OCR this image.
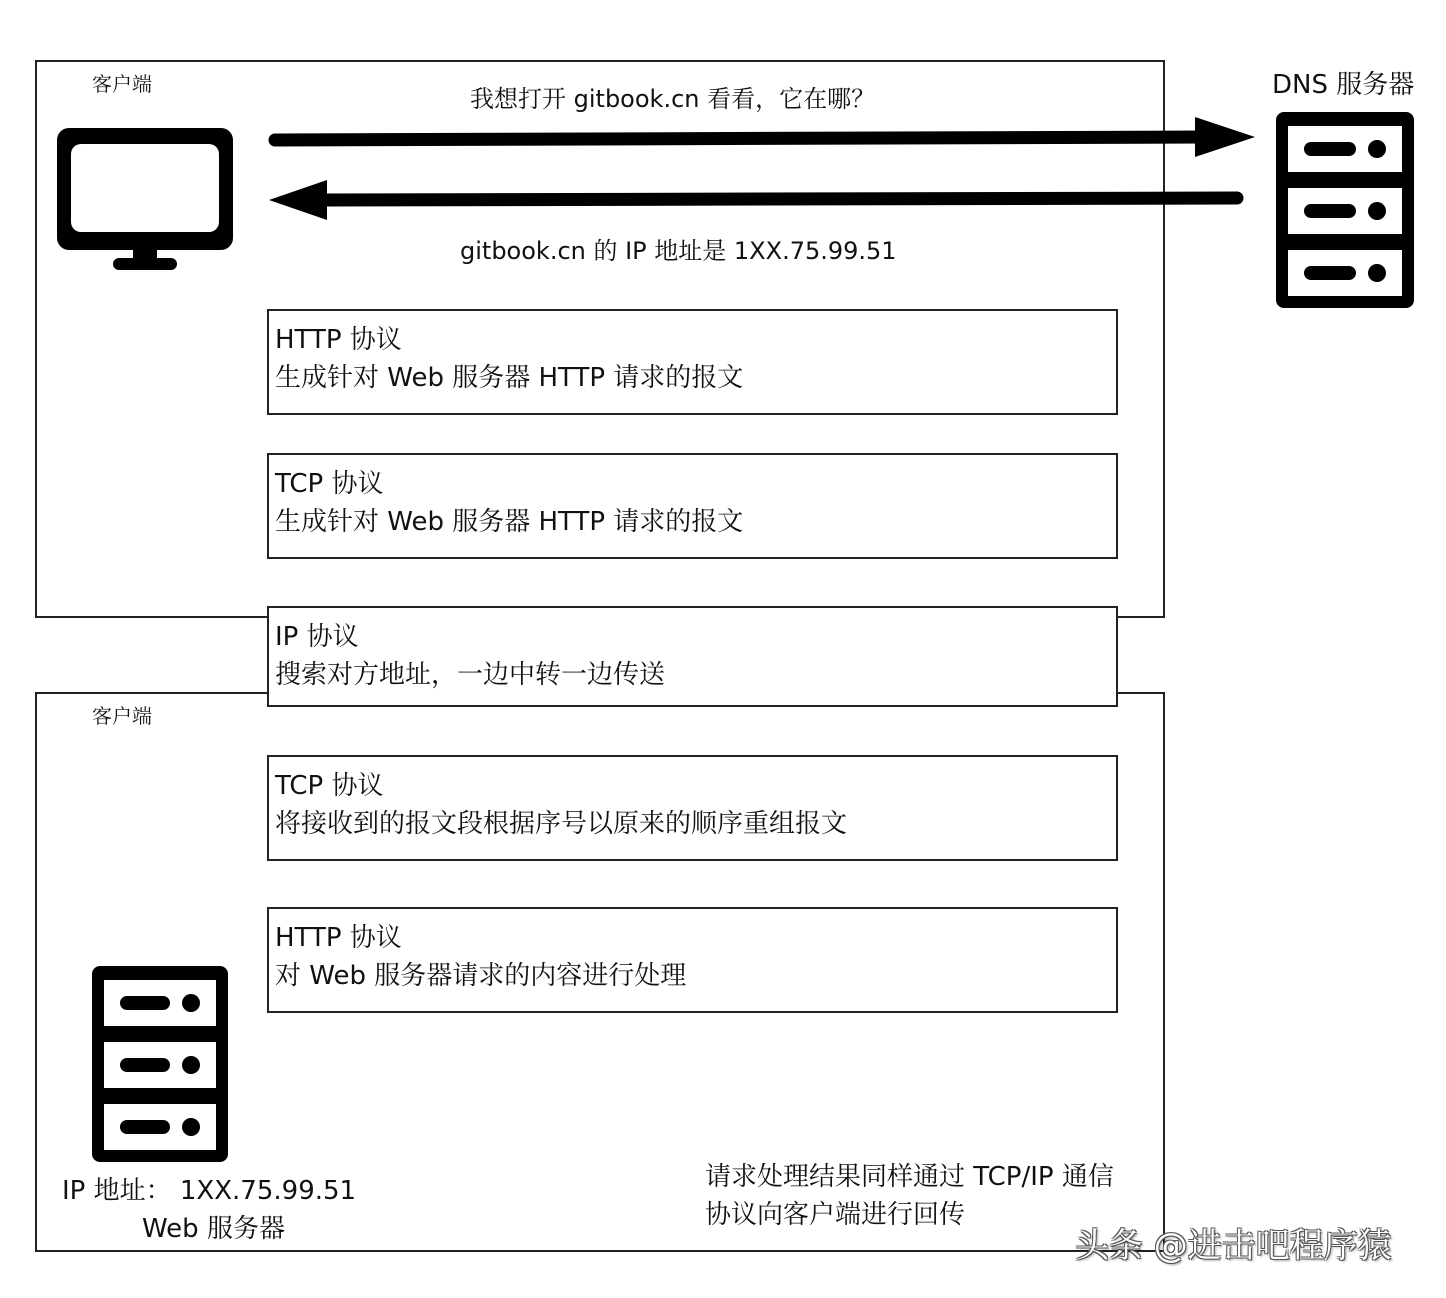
客户端
客户端
DNS 服务器
我想打开 gitbook.cn 看看，它在哪？
gitbook.cn 的 IP 地址是 1XX.75.99.51
HTTP 协议
生成针对 Web 服务器 HTTP 请求的报文
TCP 协议
生成针对 Web 服务器 HTTP 请求的报文
IP 协议
搜索对方地址，一边中转一边传送
TCP 协议
将接收到的报文段根据序号以原来的顺序重组报文
HTTP 协议
对 Web 服务器请求的内容进行处理
IP 地址： 1XX.75.99.51
Web 服务器
请求处理结果同样通过 TCP/IP 通信协议向客户端进行回传
头条 @进击吧程序猿
